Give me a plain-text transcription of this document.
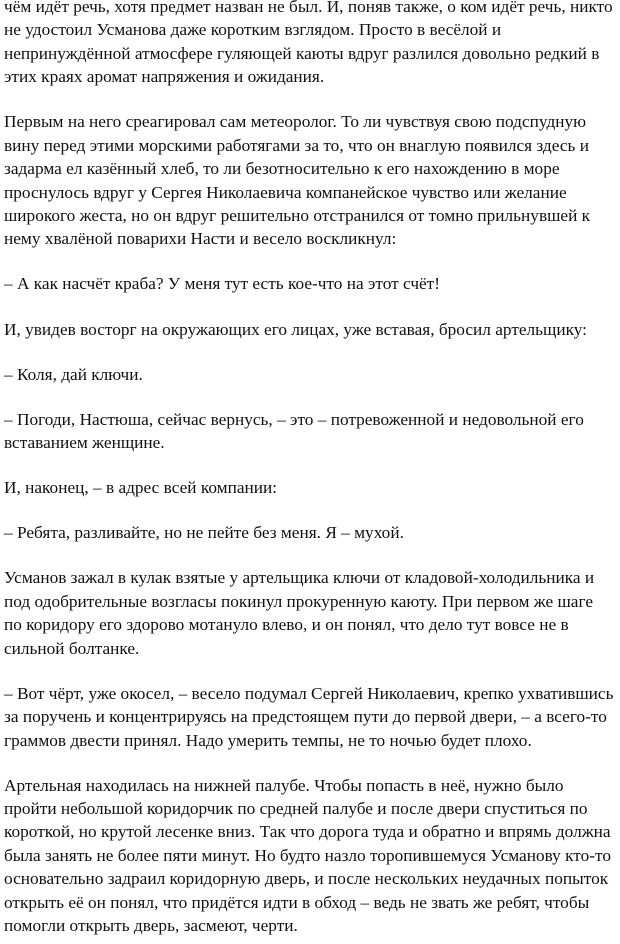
чём идёт речь, хотя предмет назван не был. И, поняв также, о ком идёт речь, никто не удостоил Усманова даже коротким взглядом. Просто в весёлой и непринуждённой атмосфере гуляющей каюты вдруг разлился довольно редкий в этих краях аромат напряжения и ожидания.

Первым на него среагировал сам метеоролог. То ли чувствуя свою подспудную вину перед этими морскими работягами за то, что он внаглую появился здесь и задарма ел казённый хлеб, то ли безотносительно к его нахождению в море проснулось вдруг у Сергея Николаевича компанейское чувство или желание широкого жеста, но он вдруг решительно отстранился от томно прильнувшей к нему хвалёной поварихи Насти и весело воскликнул:

– А как насчёт краба? У меня тут есть кое-что на этот счёт!

И, увидев восторг на окружающих его лицах, уже вставая, бросил артельщику:

– Коля, дай ключи.

– Погоди, Настюша, сейчас вернусь, – это – потревоженной и недовольной его вставанием женщине.

И, наконец, – в адрес всей компании:

– Ребята, разливайте, но не пейте без меня. Я – мухой.

Усманов зажал в кулак взятые у артельщика ключи от кладовой-холодильника и под одобрительные возгласы покинул прокуренную каюту. При первом же шаге по коридору его здорово мотануло влево, и он понял, что дело тут вовсе не в сильной болтанке.

– Вот чёрт, уже окосел, – весело подумал Сергей Николаевич, крепко ухватившись за поручень и концентрируясь на предстоящем пути до первой двери, – а всего-то граммов двести принял. Надо умерить темпы, не то ночью будет плохо.

Артельная находилась на нижней палубе. Чтобы попасть в неё, нужно было пройти небольшой коридорчик по средней палубе и после двери спуститься по короткой, но крутой лесенке вниз. Так что дорога туда и обратно и впрямь должна была занять не более пяти минут. Но будто назло торопившемуся Усманову кто-то основательно задраил коридорную дверь, и после нескольких неудачных попыток открыть её он понял, что придётся идти в обход – ведь не звать же ребят, чтобы помогли открыть дверь, засмеют, черти.
